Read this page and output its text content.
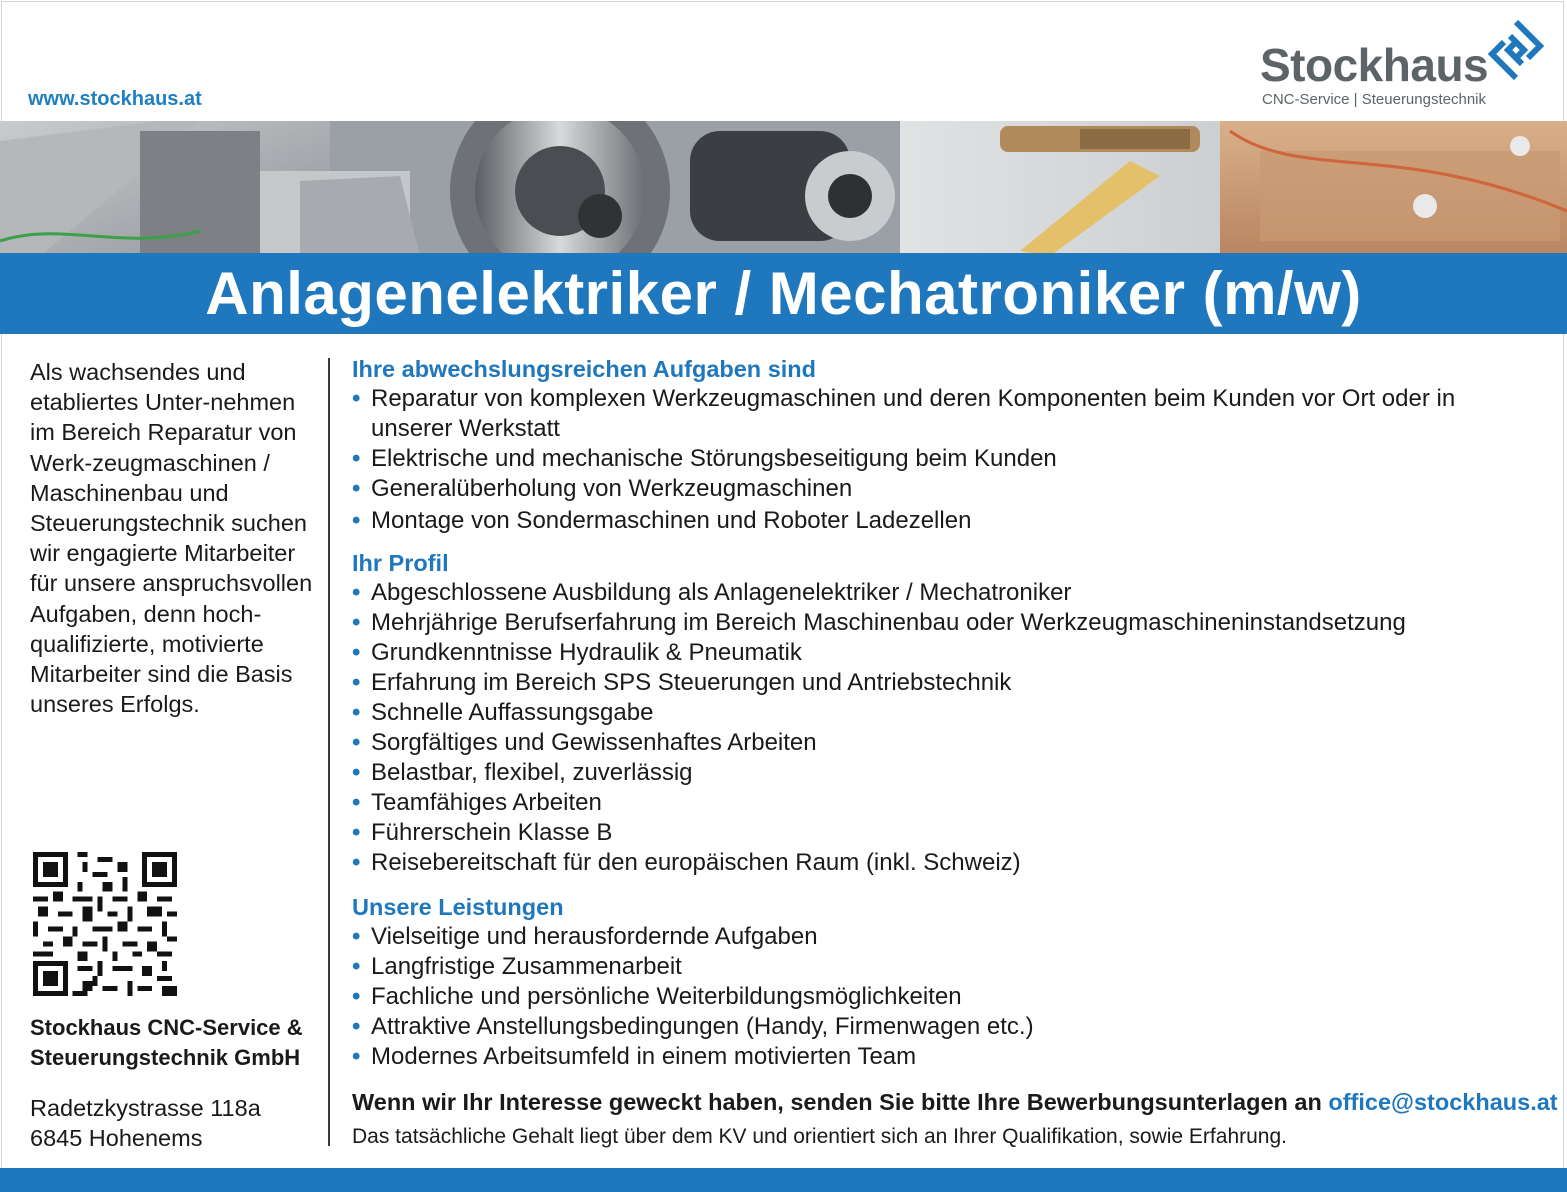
www.stockhaus.at
Stockhaus
CNC-Service | Steuerungstechnik
Anlagenelektriker / Mechatroniker (m/w)

Als wachsendes und etabliertes Unter-nehmen im Bereich Reparatur von Werk-zeugmaschinen / Maschinenbau und Steuerungstechnik suchen wir engagierte Mitarbeiter für unsere anspruchsvollen Aufgaben, denn hoch-qualifizierte, motivierte Mitarbeiter sind die Basis unseres Erfolgs.

Stockhaus CNC-Service &
Steuerungstechnik GmbH

Radetzkystrasse 118a
6845 Hohenems

Ihre abwechslungsreichen Aufgaben sind
• Reparatur von komplexen Werkzeugmaschinen und deren Komponenten beim Kunden vor Ort oder in unserer Werkstatt
• Elektrische und mechanische Störungsbeseitigung beim Kunden
• Generalüberholung von Werkzeugmaschinen
• Montage von Sondermaschinen und Roboter Ladezellen
Ihr Profil
• Abgeschlossene Ausbildung als Anlagenelektriker / Mechatroniker
• Mehrjährige Berufserfahrung im Bereich Maschinenbau oder Werkzeugmaschineninstandsetzung
• Grundkenntnisse Hydraulik & Pneumatik
• Erfahrung im Bereich SPS Steuerungen und Antriebstechnik
• Schnelle Auffassungsgabe
• Sorgfältiges und Gewissenhaftes Arbeiten
• Belastbar, flexibel, zuverlässig
• Teamfähiges Arbeiten
• Führerschein Klasse B
• Reisebereitschaft für den europäischen Raum (inkl. Schweiz)
Unsere Leistungen
• Vielseitige und herausfordernde Aufgaben
• Langfristige Zusammenarbeit
• Fachliche und persönliche Weiterbildungsmöglichkeiten
• Attraktive Anstellungsbedingungen (Handy, Firmenwagen etc.)
• Modernes Arbeitsumfeld in einem motivierten Team

Wenn wir Ihr Interesse geweckt haben, senden Sie bitte Ihre Bewerbungsunterlagen an office@stockhaus.at

Das tatsächliche Gehalt liegt über dem KV und orientiert sich an Ihrer Qualifikation, sowie Erfahrung.
